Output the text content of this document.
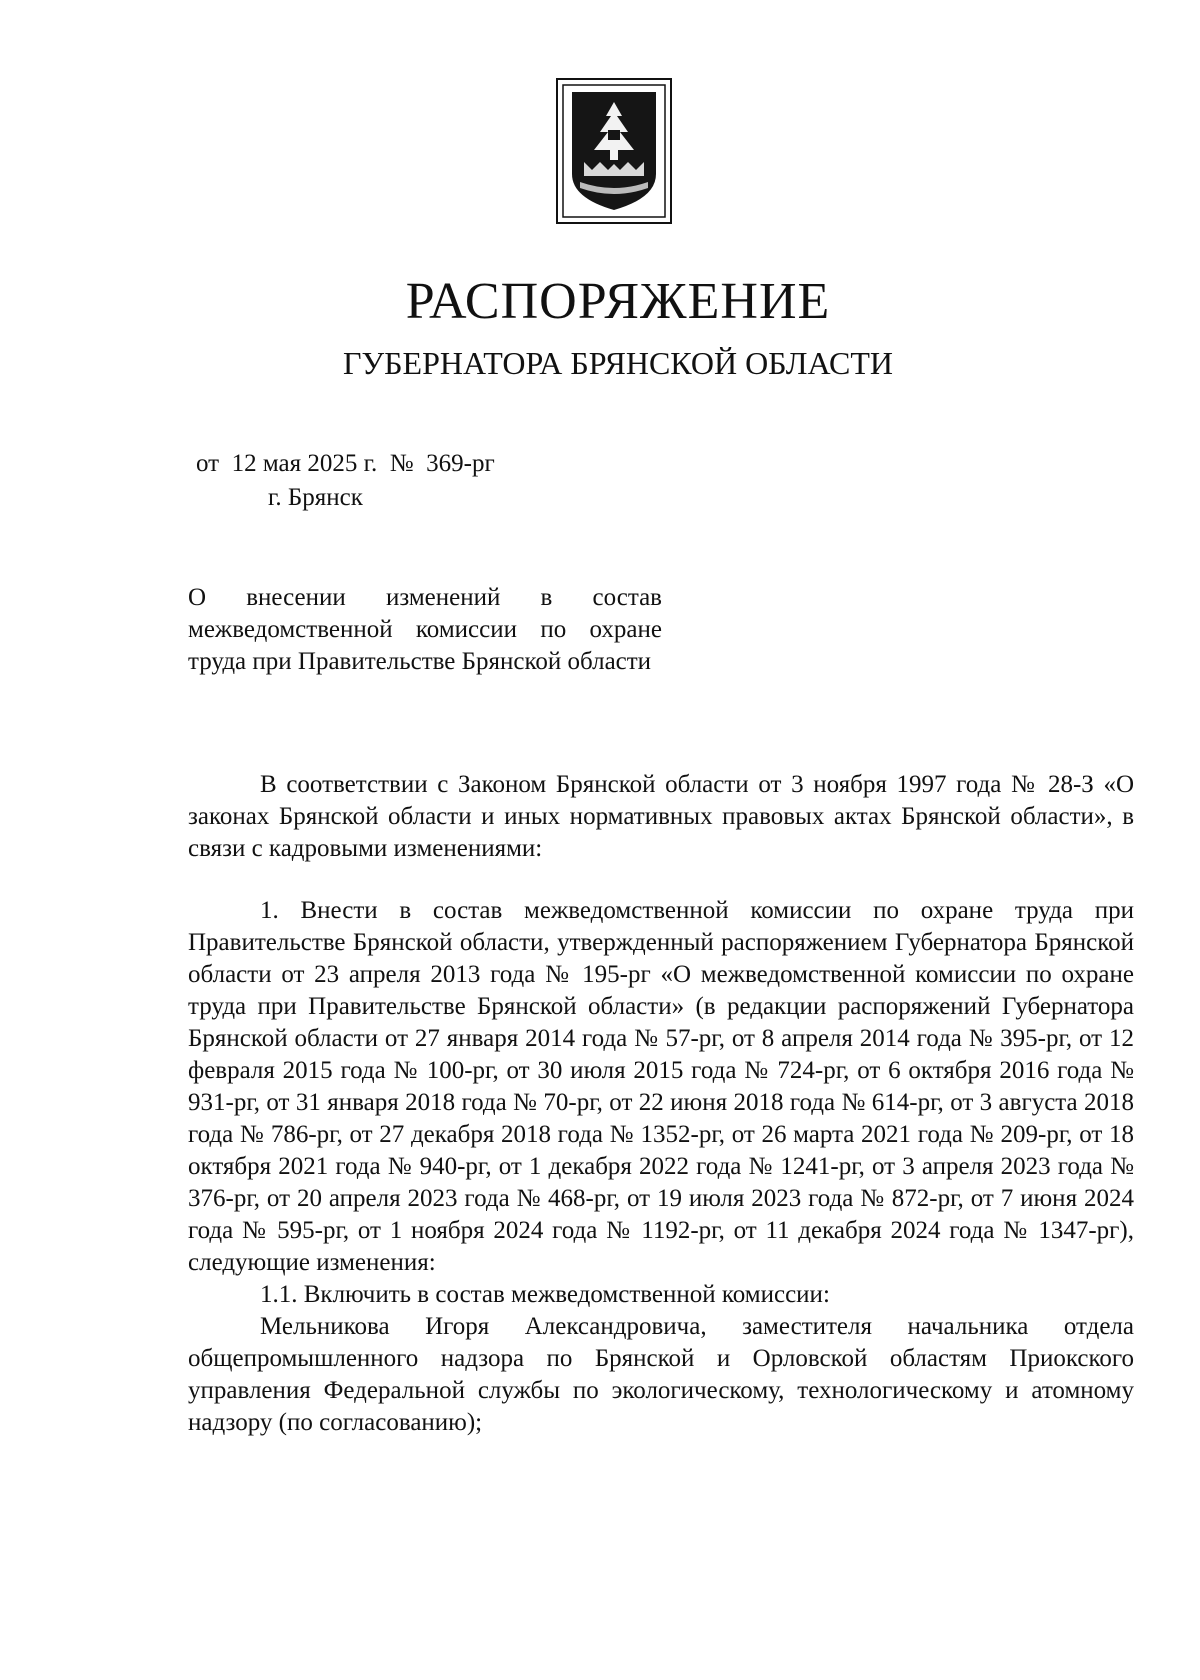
РАСПОРЯЖЕНИЕ
ГУБЕРНАТОРА БРЯНСКОЙ ОБЛАСТИ
от  12 мая 2025 г.  №  369-рг
г. Брянск
О внесении изменений в состав межведомственной комиссии по охране труда при Правительстве Брянской области

В соответствии с Законом Брянской области от 3 ноября 1997 года № 28-З «О законах Брянской области и иных нормативных правовых актах Брянской области», в связи с кадровыми изменениями:

1. Внести в состав межведомственной комиссии по охране труда при Правительстве Брянской области, утвержденный распоряжением Губернатора Брянской области от 23 апреля 2013 года № 195-рг «О межведомственной комиссии по охране труда при Правительстве Брянской области» (в редакции распоряжений Губернатора Брянской области от 27 января 2014 года № 57-рг, от 8 апреля 2014 года № 395-рг, от 12 февраля 2015 года № 100-рг, от 30 июля 2015 года № 724-рг, от 6 октября 2016 года № 931-рг, от 31 января 2018 года № 70-рг, от 22 июня 2018 года № 614-рг, от 3 августа 2018 года № 786-рг, от 27 декабря 2018 года № 1352-рг, от 26 марта 2021 года № 209-рг, от 18 октября 2021 года № 940-рг, от 1 декабря 2022 года № 1241-рг, от 3 апреля 2023 года № 376-рг, от 20 апреля 2023 года № 468-рг, от 19 июля 2023 года № 872-рг, от 7 июня 2024 года № 595-рг, от 1 ноября 2024 года № 1192-рг, от 11 декабря 2024 года № 1347-рг), следующие изменения:

1.1. Включить в состав межведомственной комиссии:

Мельникова Игоря Александровича, заместителя начальника отдела общепромышленного надзора по Брянской и Орловской областям Приокского управления Федеральной службы по экологическому, технологическому и атомному надзору (по согласованию);
